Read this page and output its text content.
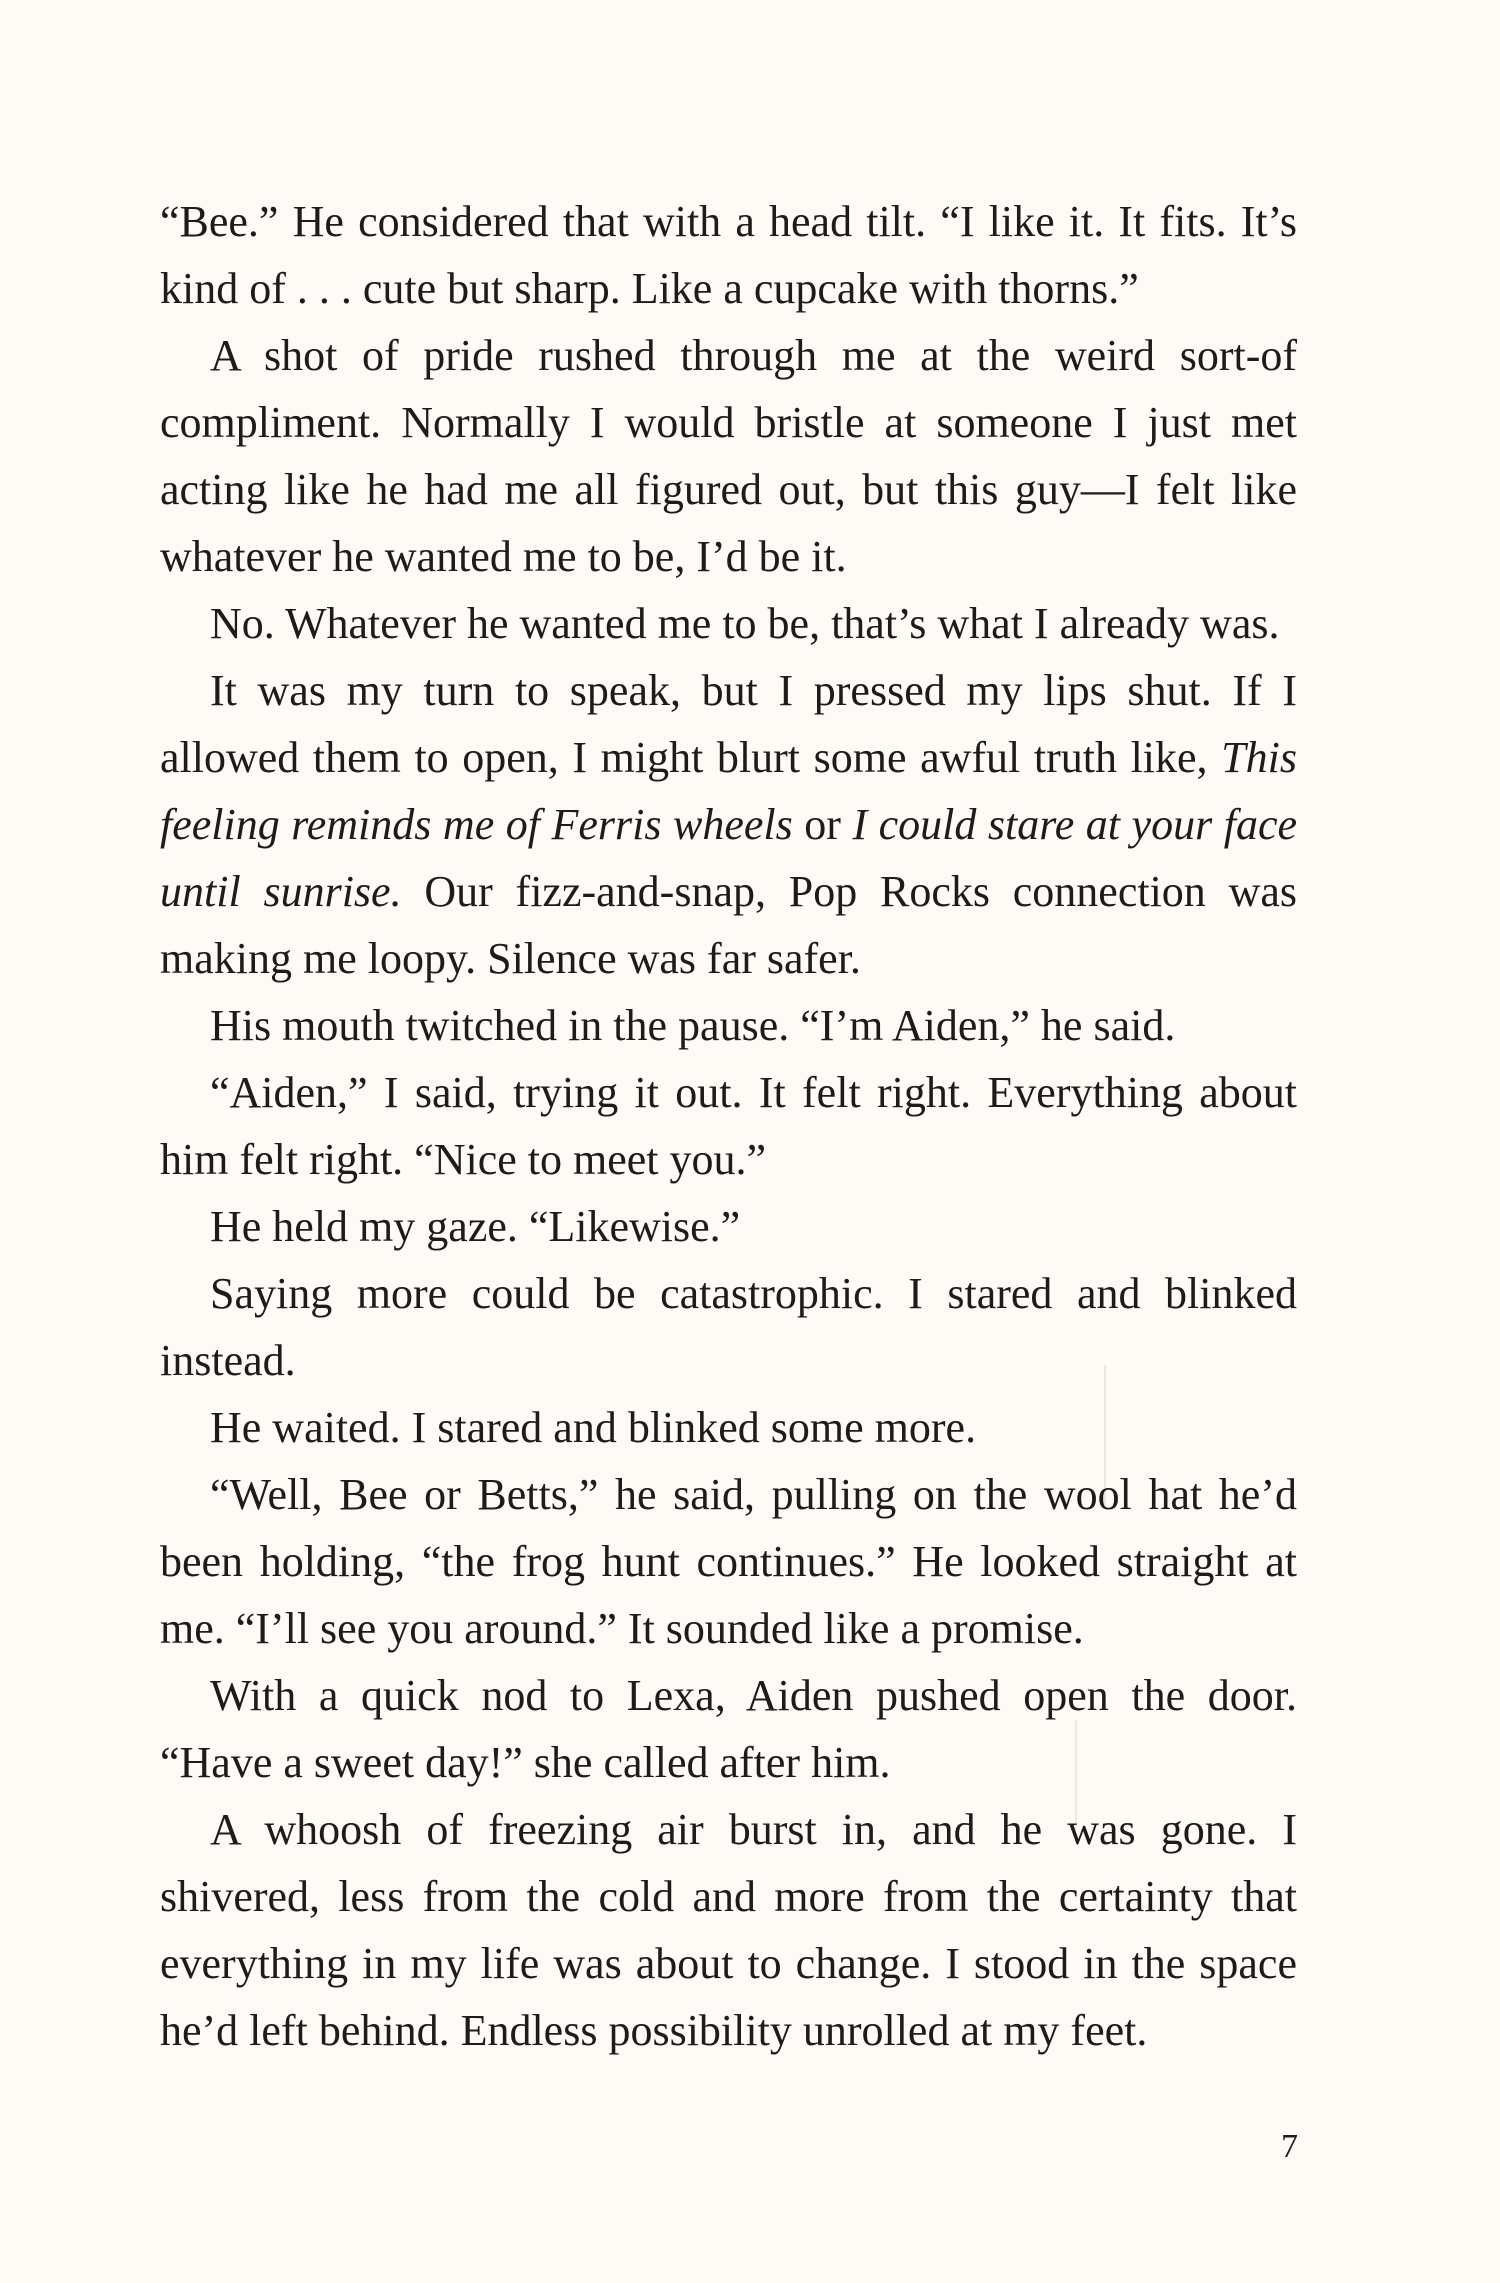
“Bee.” He considered that with a head tilt. “I like it. It fits. It’s kind of . . . cute but sharp. Like a cupcake with thorns.”

A shot of pride rushed through me at the weird sort-of compliment. Normally I would bristle at someone I just met acting like he had me all figured out, but this guy—I felt like whatever he wanted me to be, I’d be it.

No. Whatever he wanted me to be, that’s what I already was.

It was my turn to speak, but I pressed my lips shut. If I allowed them to open, I might blurt some awful truth like, This feeling reminds me of Ferris wheels or I could stare at your face until sunrise. Our fizz-and-snap, Pop Rocks connection was making me loopy. Silence was far safer.

His mouth twitched in the pause. “I’m Aiden,” he said.

“Aiden,” I said, trying it out. It felt right. Everything about him felt right. “Nice to meet you.”

He held my gaze. “Likewise.”

Saying more could be catastrophic. I stared and blinked instead.

He waited. I stared and blinked some more.

“Well, Bee or Betts,” he said, pulling on the wool hat he’d been holding, “the frog hunt continues.” He looked straight at me. “I’ll see you around.” It sounded like a promise.

With a quick nod to Lexa, Aiden pushed open the door. “Have a sweet day!” she called after him.

A whoosh of freezing air burst in, and he was gone. I shivered, less from the cold and more from the certainty that everything in my life was about to change. I stood in the space he’d left behind. Endless possibility unrolled at my feet.

7
